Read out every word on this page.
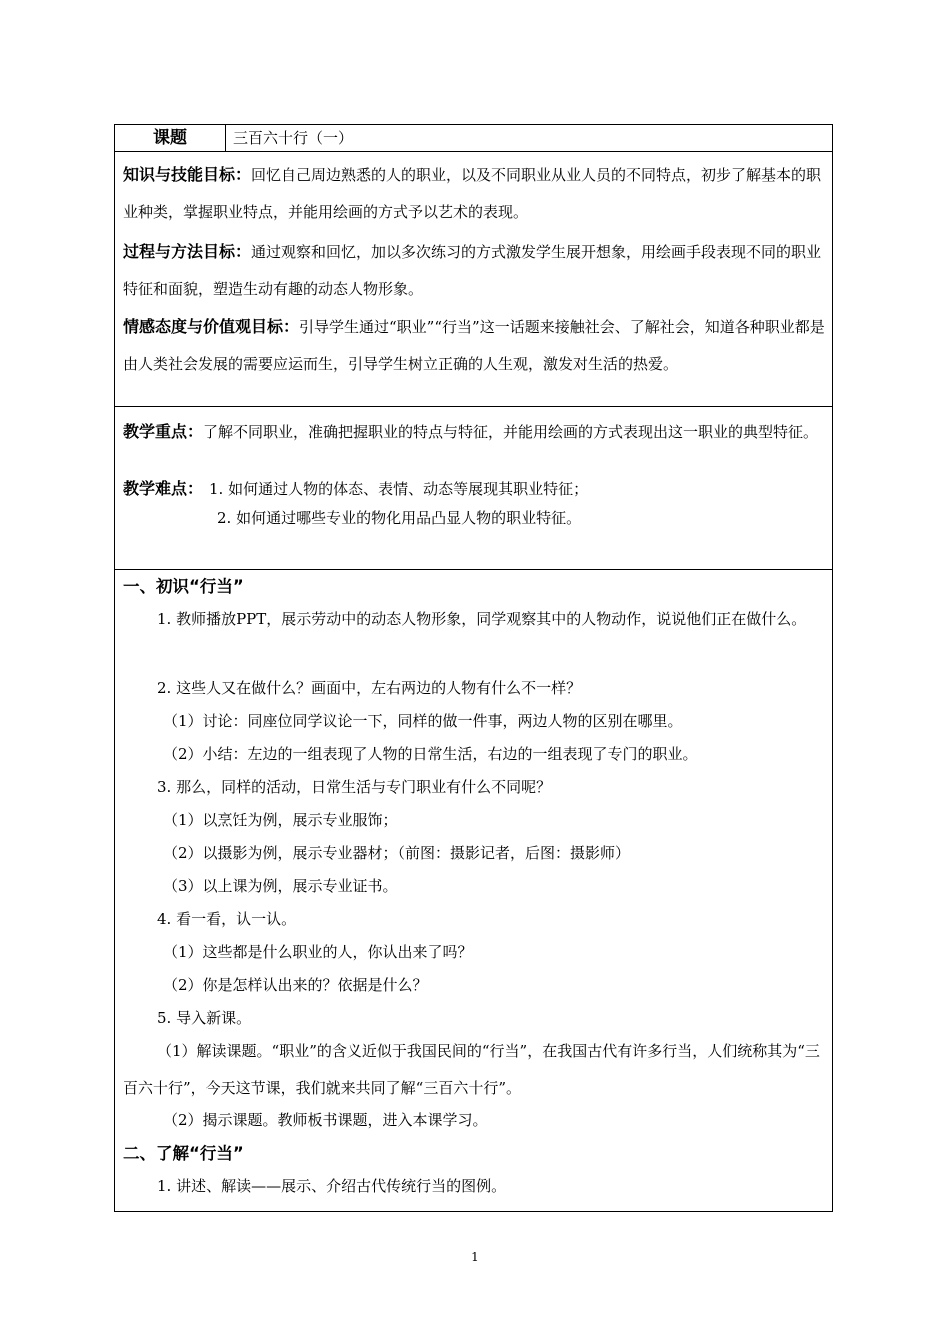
课题	三百六十行（一）

知识与技能目标：回忆自己周边熟悉的人的职业，以及不同职业从业人员的不同特点，初步了解基本的职业种类，掌握职业特点，并能用绘画的方式予以艺术的表现。

过程与方法目标：通过观察和回忆，加以多次练习的方式激发学生展开想象，用绘画手段表现不同的职业特征和面貌，塑造生动有趣的动态人物形象。

情感态度与价值观目标：引导学生通过“职业”“行当”这一话题来接触社会、了解社会，知道各种职业都是由人类社会发展的需要应运而生，引导学生树立正确的人生观，激发对生活的热爱。

教学重点：了解不同职业，准确把握职业的特点与特征，并能用绘画的方式表现出这一职业的典型特征。

教学难点： 1. 如何通过人物的体态、表情、动态等展现其职业特征；

2. 如何通过哪些专业的物化用品凸显人物的职业特征。

一、初识“行当”

1. 教师播放PPT，展示劳动中的动态人物形象，同学观察其中的人物动作，说说他们正在做什么。

2. 这些人又在做什么？画面中，左右两边的人物有什么不一样？
（1）讨论：同座位同学议论一下，同样的做一件事，两边人物的区别在哪里。
（2）小结：左边的一组表现了人物的日常生活，右边的一组表现了专门的职业。
3. 那么，同样的活动，日常生活与专门职业有什么不同呢？
（1）以烹饪为例，展示专业服饰；
（2）以摄影为例，展示专业器材；（前图：摄影记者，后图：摄影师）
（3）以上课为例，展示专业证书。
4. 看一看，认一认。
（1）这些都是什么职业的人，你认出来了吗？
（2）你是怎样认出来的？依据是什么？
5. 导入新课。

（1）解读课题。“职业”的含义近似于我国民间的“行当”，在我国古代有许多行当，人们统称其为“三百六十行”，今天这节课，我们就来共同了解“三百六十行”。

（2）揭示课题。教师板书课题，进入本课学习。
二、了解“行当”
1. 讲述、解读——展示、介绍古代传统行当的图例。
1
